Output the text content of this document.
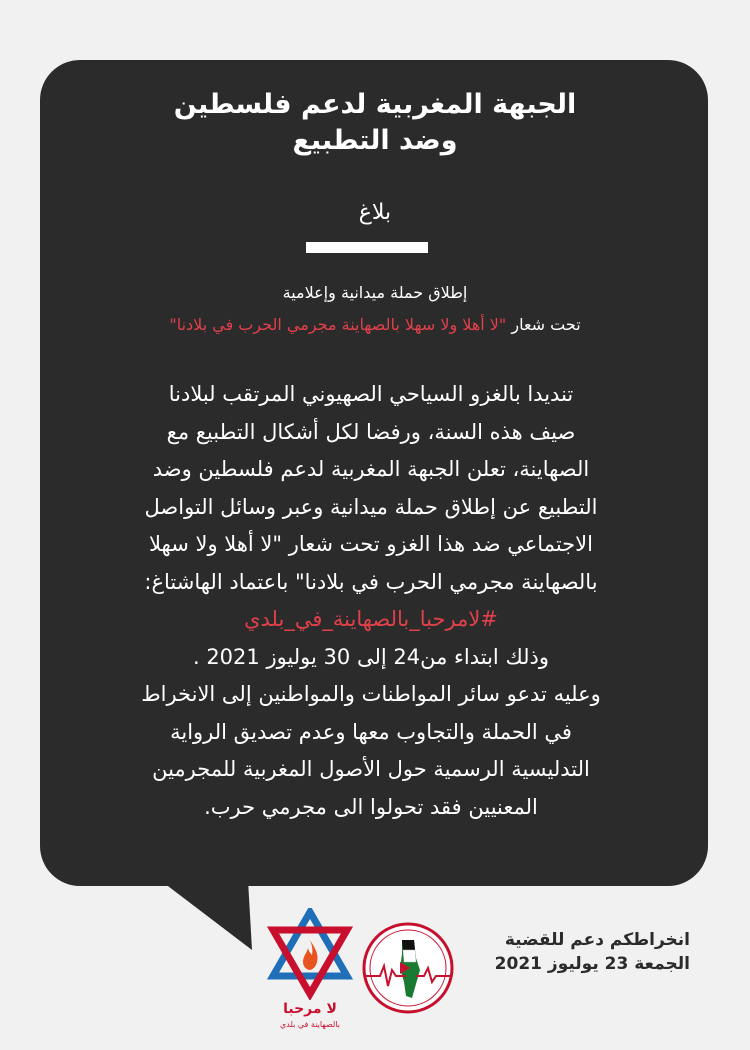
الجبهة المغربية لدعم فلسطين
وضد التطبيع
بلاغ
إطلاق حملة ميدانية وإعلامية
تحت شعار "لا أهلا ولا سهلا بالصهاينة مجرمي الحرب في بلادنا"
تنديدا بالغزو السياحي الصهيوني المرتقب لبلادنا
صيف هذه السنة، ورفضا لكل أشكال التطبيع مع
الصهاينة، تعلن الجبهة المغربية لدعم فلسطين وضد
التطبيع عن إطلاق حملة ميدانية وعبر وسائل التواصل
الاجتماعي ضد هذا الغزو تحت شعار "لا أهلا ولا سهلا
بالصهاينة مجرمي الحرب في بلادنا" باعتماد الهاشتاغ:
#لامرحبا_بالصهاينة_في_بلدي
وذلك ابتداء من24 إلى 30 يوليوز 2021 .
وعليه تدعو سائر المواطنات والمواطنين إلى الانخراط
في الحملة والتجاوب معها وعدم تصديق الرواية
التدليسية الرسمية حول الأصول المغربية للمجرمين
المعنيين فقد تحولوا الى مجرمي حرب.
انخراطكم دعم للقضية
الجمعة 23 يوليوز 2021
لا مرحبا
بالصهاينة في بلدي
